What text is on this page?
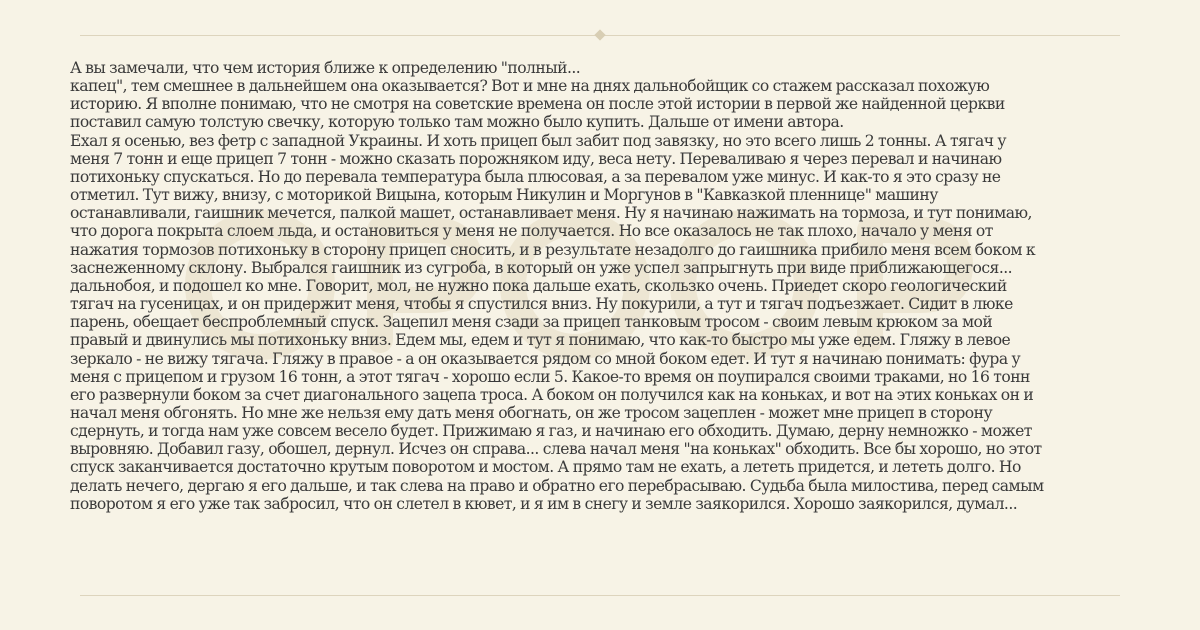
А вы замечали, что чем история ближе к определению "полный...
капец", тем смешнее в дальнейшем она оказывается? Вот и мне на днях дальнобойщик со стажем рассказал похожую
историю. Я вполне понимаю, что не смотря на советские времена он после этой истории в первой же найденной церкви
поставил самую толстую свечку, которую только там можно было купить. Дальше от имени автора.
Ехал я осенью, вез фетр с западной Украины. И хоть прицеп был забит под завязку, но это всего лишь 2 тонны. А тягач у
меня 7 тонн и еще прицеп 7 тонн - можно сказать порожняком иду, веса нету. Переваливаю я через перевал и начинаю
потихоньку спускаться. Но до перевала температура была плюсовая, а за перевалом уже минус. И как-то я это сразу не
отметил. Тут вижу, внизу, с моторикой Вицына, которым Никулин и Моргунов в "Кавказкой пленнице" машину
останавливали, гаишник мечется, палкой машет, останавливает меня. Ну я начинаю нажимать на тормоза, и тут понимаю,
что дорога покрыта слоем льда, и остановиться у меня не получается. Но все оказалось не так плохо, начало у меня от
нажатия тормозов потихоньку в сторону прицеп сносить, и в результате незадолго до гаишника прибило меня всем боком к
заснеженному склону. Выбрался гаишник из сугроба, в который он уже успел запрыгнуть при виде приближающегося...
дальнобоя, и подошел ко мне. Говорит, мол, не нужно пока дальше ехать, скользко очень. Приедет скоро геологический
тягач на гусеницах, и он придержит меня, чтобы я спустился вниз. Ну покурили, а тут и тягач подъезжает. Сидит в люке
парень, обещает беспроблемный спуск. Зацепил меня сзади за прицеп танковым тросом - своим левым крюком за мой
правый и двинулись мы потихоньку вниз. Едем мы, едем и тут я понимаю, что как-то быстро мы уже едем. Гляжу в левое
зеркало - не вижу тягача. Гляжу в правое - а он оказывается рядом со мной боком едет. И тут я начинаю понимать: фура у
меня с прицепом и грузом 16 тонн, а этот тягач - хорошо если 5. Какое-то время он поупирался своими траками, но 16 тонн
его развернули боком за счет диагонального зацепа троса. А боком он получился как на коньках, и вот на этих коньках он и
начал меня обгонять. Но мне же нельзя ему дать меня обогнать, он же тросом зацеплен - может мне прицеп в сторону
сдернуть, и тогда нам уже совсем весело будет. Прижимаю я газ, и начинаю его обходить. Думаю, дерну немножко - может
выровняю. Добавил газу, обошел, дернул. Исчез он справа... слева начал меня "на коньках" обходить. Все бы хорошо, но этот
спуск заканчивается достаточно крутым поворотом и мостом. А прямо там не ехать, а лететь придется, и лететь долго. Но
делать нечего, дергаю я его дальше, и так слева на право и обратно его перебрасываю. Судьба была милостива, перед самым
поворотом я его уже так забросил, что он слетел в кювет, и я им в снегу и земле заякорился. Хорошо заякорился, думал...
